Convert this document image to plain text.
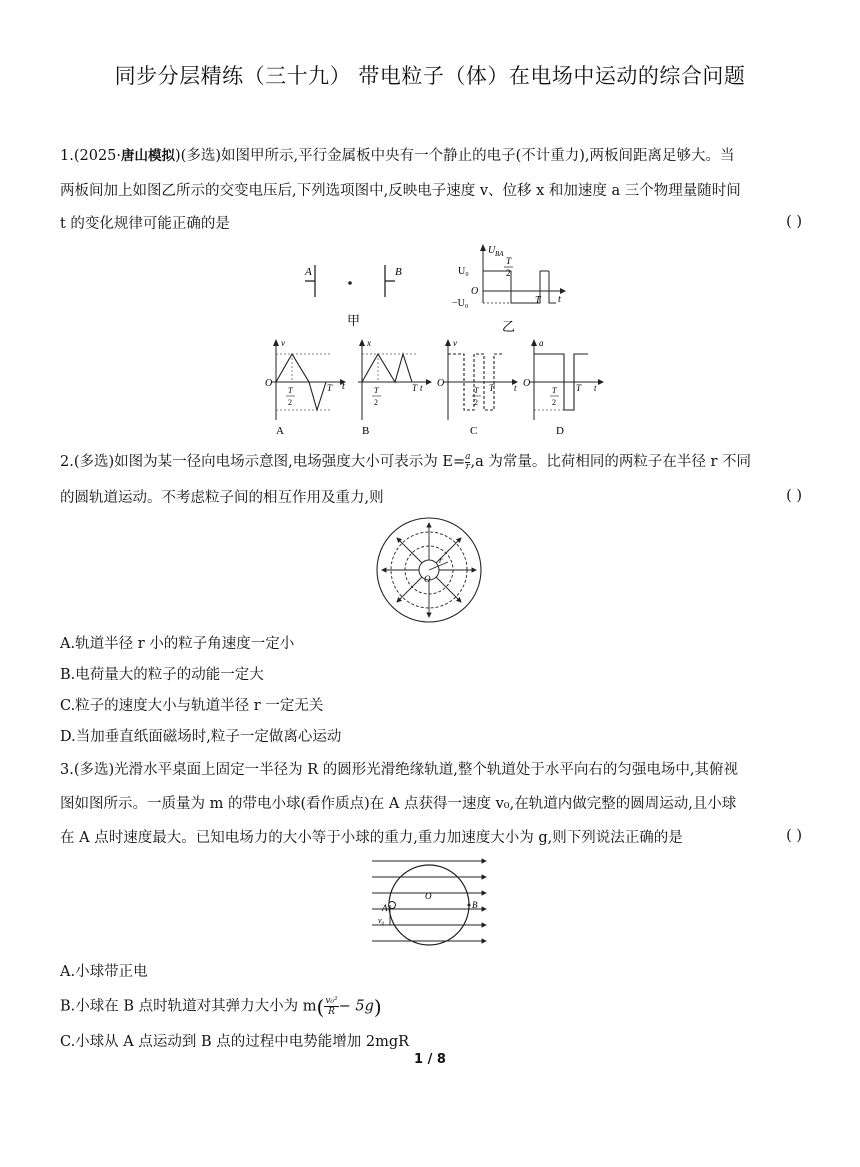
同步分层精练（三十九） 带电粒子（体）在电场中运动的综合问题
1.(2025·唐山模拟)(多选)如图甲所示,平行金属板中央有一个静止的电子(不计重力),两板间距离足够大。当
两板间加上如图乙所示的交变电压后,下列选项图中,反映电子速度 v、位移 x 和加速度 a 三个物理量随时间
t 的变化规律可能正确的是	( )
A	B
甲
U BA
U₀
O
−U₀
T
2
T t
乙
v
O	t
T
2
T
A
x
T
2
T t
B
v
O
T
2
T t
C
a
O
T
2
T t
D
2.(多选)如图为某一径向电场示意图,电场强度大小可表示为 $E= \frac{a}{r} ,a$ 为常量。比荷相同的两粒子在半径 r 不同
的圆轨道运动。不考虑粒子间的相互作用及重力,则	( )
O
r
A.轨道半径 r 小的粒子角速度一定小
B.电荷量大的粒子的动能一定大
C.粒子的速度大小与轨道半径 r 一定无关
D.当加垂直纸面磁场时,粒子一定做离心运动
3.(多选)光滑水平桌面上固定一半径为 R 的圆形光滑绝缘轨道,整个轨道处于水平向右的匀强电场中,其俯视
图如图所示。一质量为 m 的带电小球(看作质点)在 A 点获得一速度 v₀,在轨道内做完整的圆周运动,且小球
在 A 点时速度最大。已知电场力的大小等于小球的重力,重力加速度大小为 g,则下列说法正确的是	( )
A	B
O
v₀
A.小球带正电
B.小球在 B 点时轨道对其弹力大小为 $m( \frac{\text{v₀²}}{R} - 5g)$
C.小球从 A 点运动到 B 点的过程中电势能增加 2mgR
1 / 8
